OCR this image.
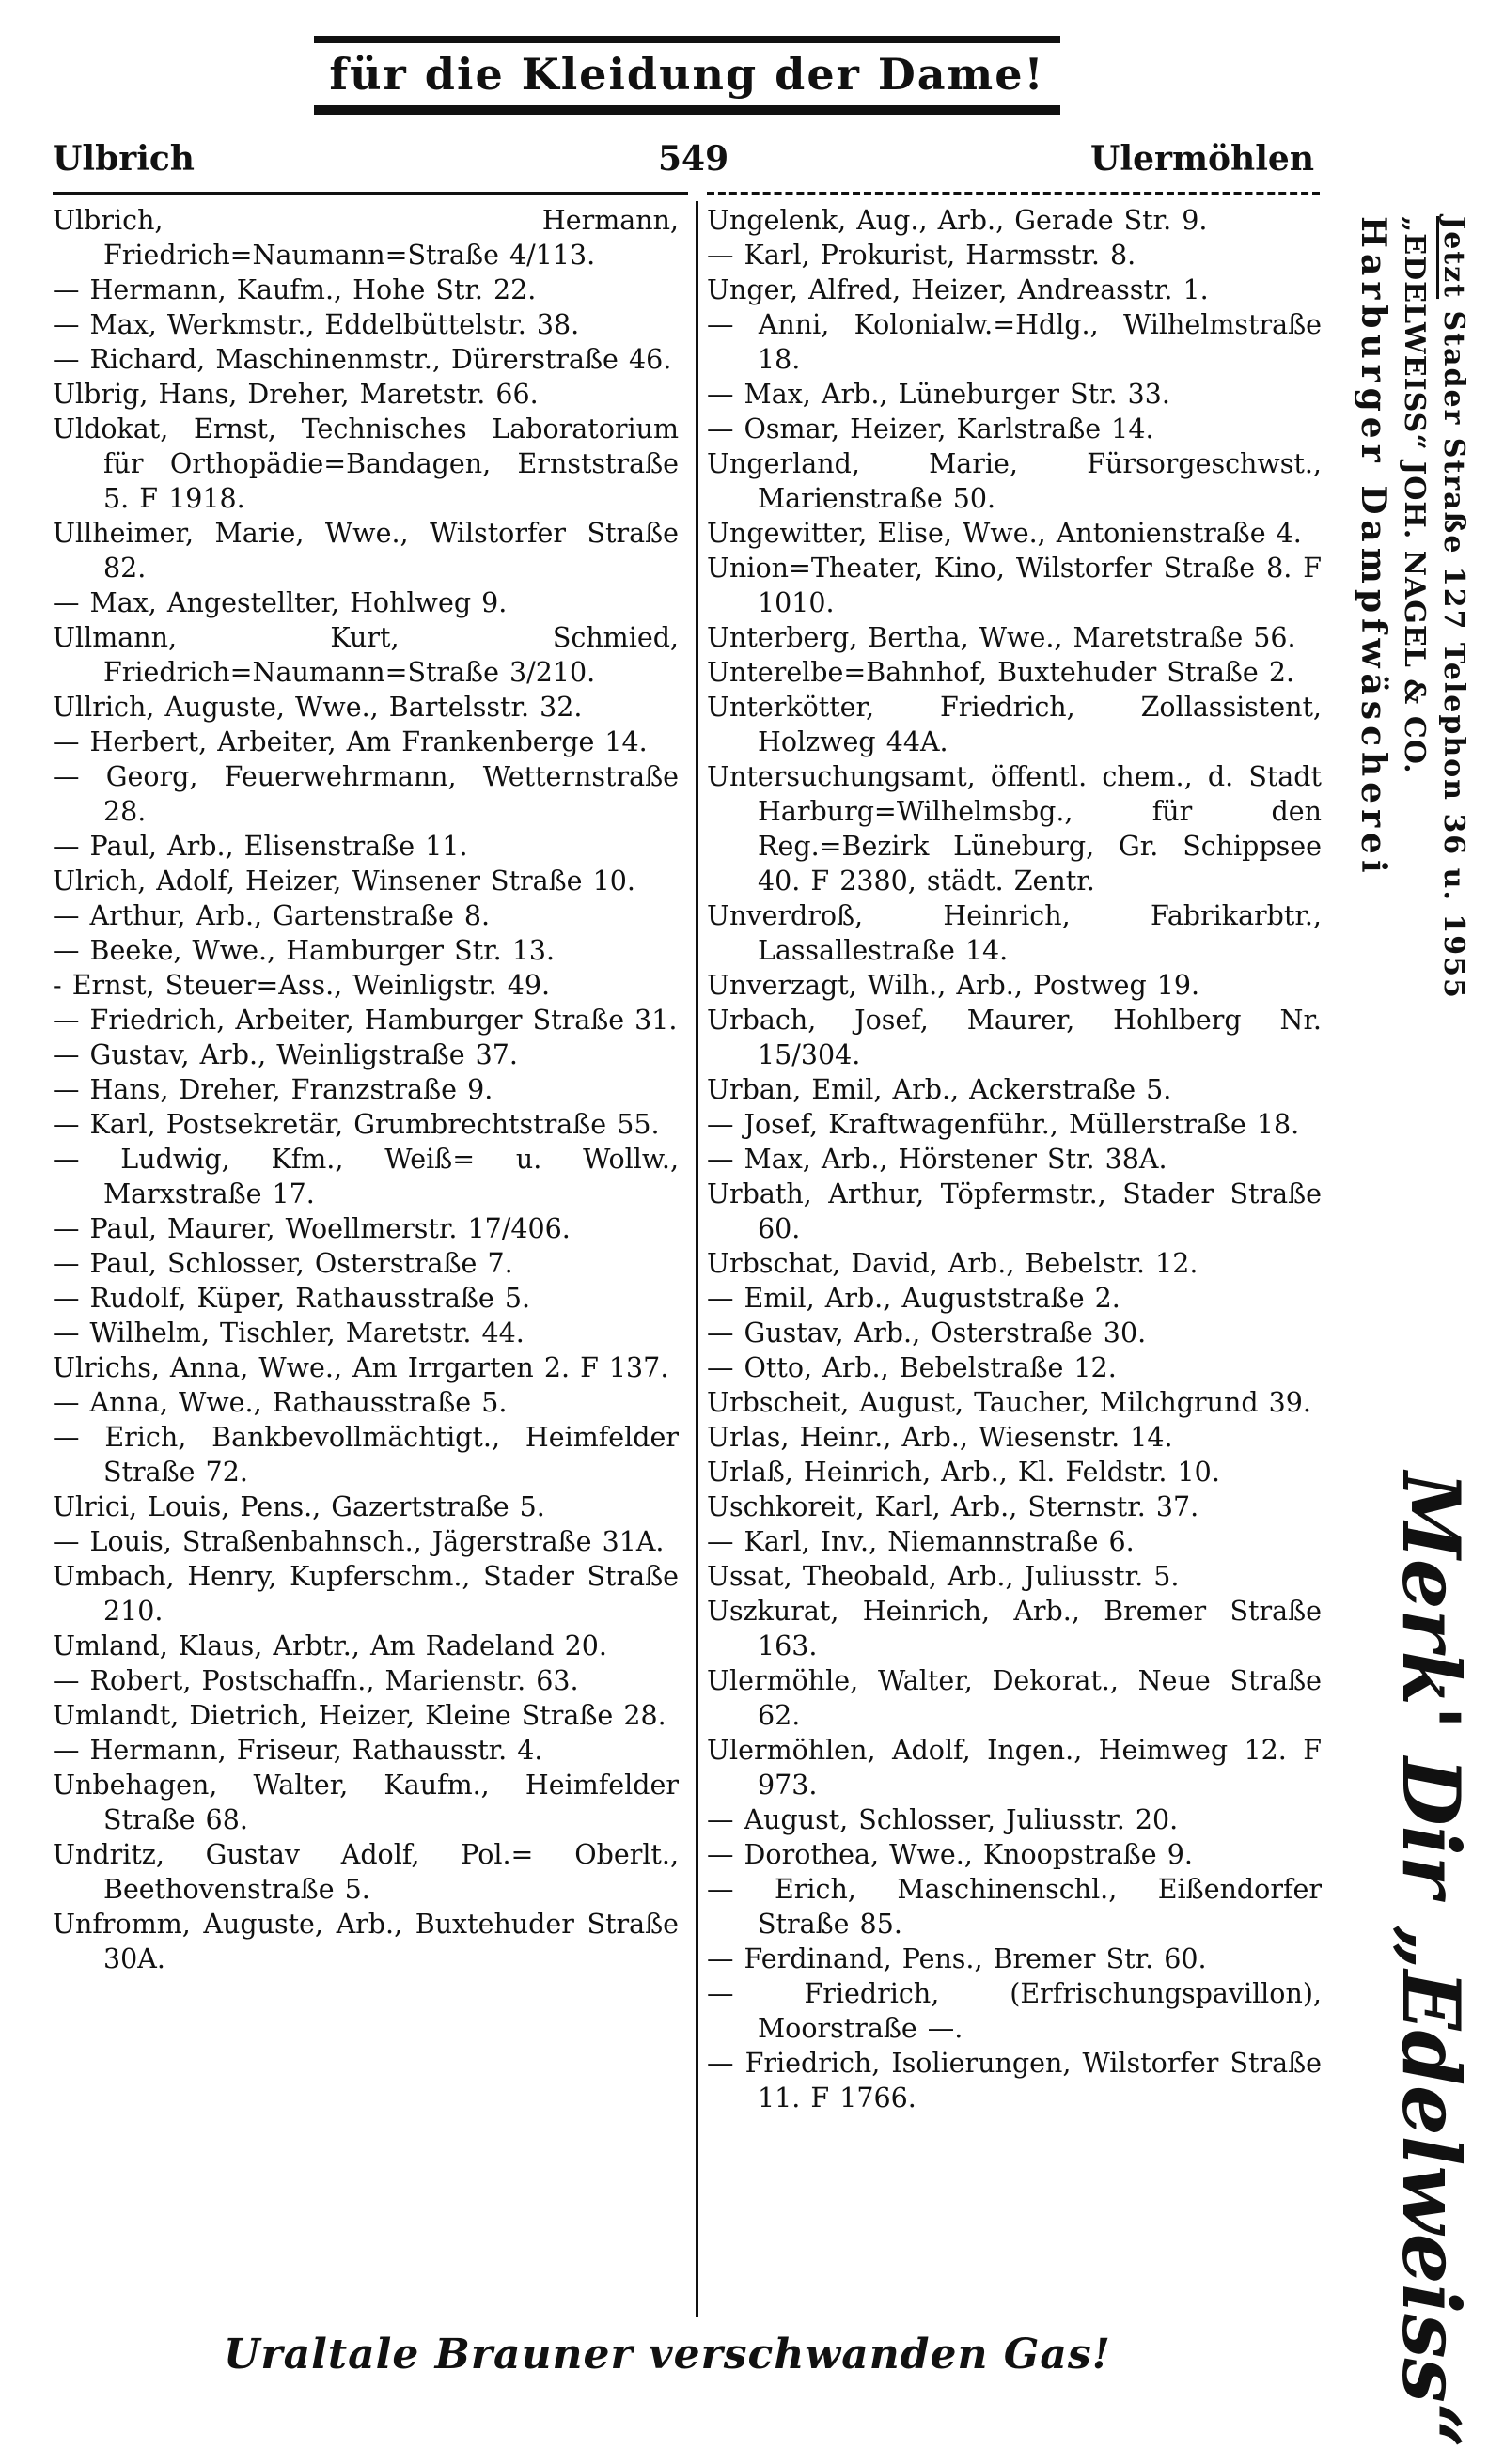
für die Kleidung der Dame!
Ulbrich	549	Ulermöhlen

Ulbrich, Hermann, Friedrich=Naumann=Straße 4/113.

— Hermann, Kaufm., Hohe Str. 22.

— Max, Werkmstr., Eddelbüttelstr. 38.

— Richard, Maschinenmstr., Dürerstraße 46.

Ulbrig, Hans, Dreher, Maretstr. 66.

Uldokat, Ernst, Technisches Laboratorium für Orthopädie=Bandagen, Ernststraße 5. F 1918.

Ullheimer, Marie, Wwe., Wilstorfer Straße 82.

— Max, Angestellter, Hohlweg 9.

Ullmann, Kurt, Schmied, Friedrich=Naumann=Straße 3/210.

Ullrich, Auguste, Wwe., Bartelsstr. 32.

— Herbert, Arbeiter, Am Frankenberge 14.

— Georg, Feuerwehrmann, Wetternstraße 28.

— Paul, Arb., Elisenstraße 11.

Ulrich, Adolf, Heizer, Winsener Straße 10.

— Arthur, Arb., Gartenstraße 8.

— Beeke, Wwe., Hamburger Str. 13.

- Ernst, Steuer=Ass., Weinligstr. 49.

— Friedrich, Arbeiter, Hamburger Straße 31.

— Gustav, Arb., Weinligstraße 37.

— Hans, Dreher, Franzstraße 9.

— Karl, Postsekretär, Grumbrechtstraße 55.

— Ludwig, Kfm., Weiß= u. Wollw., Marxstraße 17.

— Paul, Maurer, Woellmerstr. 17/406.

— Paul, Schlosser, Osterstraße 7.

— Rudolf, Küper, Rathausstraße 5.

— Wilhelm, Tischler, Maretstr. 44.

Ulrichs, Anna, Wwe., Am Irrgarten 2. F 137.

— Anna, Wwe., Rathausstraße 5.

— Erich, Bankbevollmächtigt., Heimfelder Straße 72.

Ulrici, Louis, Pens., Gazertstraße 5.

— Louis, Straßenbahnsch., Jägerstraße 31A.

Umbach, Henry, Kupferschm., Stader Straße 210.

Umland, Klaus, Arbtr., Am Radeland 20.

— Robert, Postschaffn., Marienstr. 63.

Umlandt, Dietrich, Heizer, Kleine Straße 28.

— Hermann, Friseur, Rathausstr. 4.

Unbehagen, Walter, Kaufm., Heimfelder Straße 68.

Undritz, Gustav Adolf, Pol.= Oberlt., Beethovenstraße 5.

Unfromm, Auguste, Arb., Buxtehuder Straße 30A.

Ungelenk, Aug., Arb., Gerade Str. 9.

— Karl, Prokurist, Harmsstr. 8.

Unger, Alfred, Heizer, Andreasstr. 1.

— Anni, Kolonialw.=Hdlg., Wilhelmstraße 18.

— Max, Arb., Lüneburger Str. 33.

— Osmar, Heizer, Karlstraße 14.

Ungerland, Marie, Fürsorgeschwst., Marienstraße 50.

Ungewitter, Elise, Wwe., Antonienstraße 4.

Union=Theater, Kino, Wilstorfer Straße 8. F 1010.

Unterberg, Bertha, Wwe., Maretstraße 56.

Unterelbe=Bahnhof, Buxtehuder Straße 2.

Unterkötter, Friedrich, Zollassistent, Holzweg 44A.

Untersuchungsamt, öffentl. chem., d. Stadt Harburg=Wilhelmsbg., für den Reg.=Bezirk Lüneburg, Gr. Schippsee 40. F 2380, städt. Zentr.

Unverdroß, Heinrich, Fabrikarbtr., Lassallestraße 14.

Unverzagt, Wilh., Arb., Postweg 19.

Urbach, Josef, Maurer, Hohlberg Nr. 15/304.

Urban, Emil, Arb., Ackerstraße 5.

— Josef, Kraftwagenführ., Müllerstraße 18.

— Max, Arb., Hörstener Str. 38A.

Urbath, Arthur, Töpfermstr., Stader Straße 60.

Urbschat, David, Arb., Bebelstr. 12.

— Emil, Arb., Auguststraße 2.

— Gustav, Arb., Osterstraße 30.

— Otto, Arb., Bebelstraße 12.

Urbscheit, August, Taucher, Milchgrund 39.

Urlas, Heinr., Arb., Wiesenstr. 14.

Urlaß, Heinrich, Arb., Kl. Feldstr. 10.

Uschkoreit, Karl, Arb., Sternstr. 37.

— Karl, Inv., Niemannstraße 6.

Ussat, Theobald, Arb., Juliusstr. 5.

Uszkurat, Heinrich, Arb., Bremer Straße 163.

Ulermöhle, Walter, Dekorat., Neue Straße 62.

Ulermöhlen, Adolf, Ingen., Heimweg 12. F 973.

— August, Schlosser, Juliusstr. 20.

— Dorothea, Wwe., Knoopstraße 9.

— Erich, Maschinenschl., Eißendorfer Straße 85.

— Ferdinand, Pens., Bremer Str. 60.

— Friedrich, (Erfrischungspavillon), Moorstraße —.

— Friedrich, Isolierungen, Wilstorfer Straße 11. F 1766.

Harburger Dampfwäscherei „EDELWEISS“ JOH. NAGEL & CO. Jetzt Stader Straße 127 Telephon 36 u. 1955
Merk' Dir „Edelweiss“
Uraltale Brauner verschwanden Gas!
